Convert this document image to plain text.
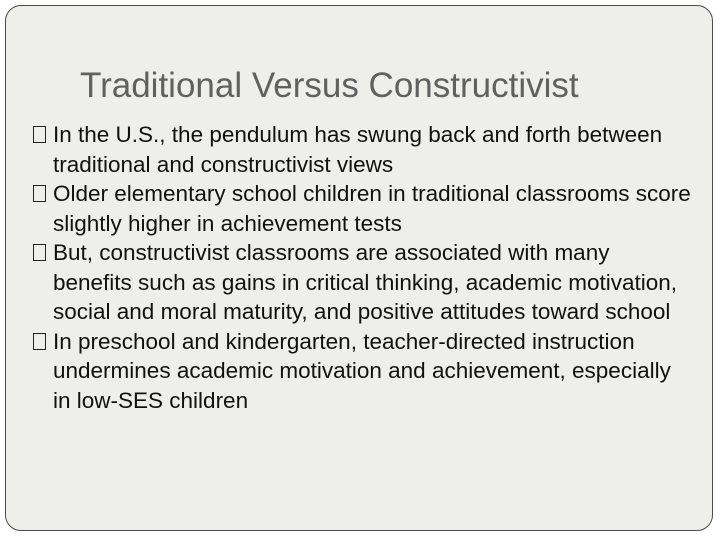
Traditional Versus Constructivist
In the U.S., the pendulum has swung back and forth between traditional and constructivist views
Older elementary school children in traditional classrooms score slightly higher in achievement tests
But, constructivist classrooms are associated with many benefits such as gains in critical thinking, academic motivation, social and moral maturity, and positive attitudes toward school
In preschool and kindergarten, teacher-directed instruction undermines academic motivation and achievement, especially in low-SES children
